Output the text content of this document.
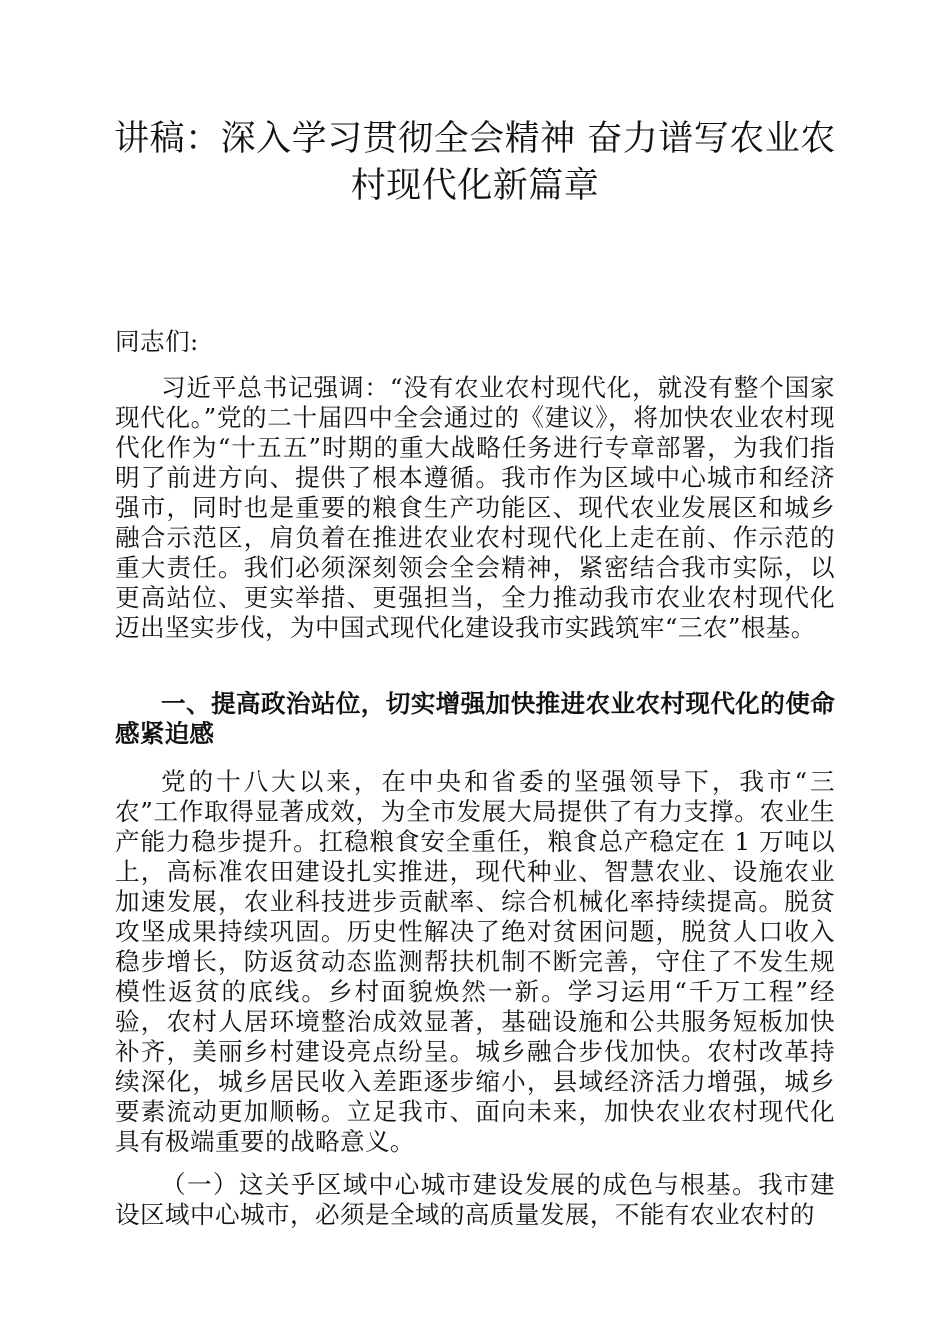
讲稿：深入学习贯彻全会精神 奋力谱写农业农村现代化新篇章

同志们:

习近平总书记强调：“没有农业农村现代化，就没有整个国家现代化。”党的二十届四中全会通过的《建议》，将加快农业农村现代化作为“十五五”时期的重大战略任务进行专章部署，为我们指明了前进方向、提供了根本遵循。我市作为区域中心城市和经济强市，同时也是重要的粮食生产功能区、现代农业发展区和城乡融合示范区，肩负着在推进农业农村现代化上走在前、作示范的重大责任。我们必须深刻领会全会精神，紧密结合我市实际，以更高站位、更实举措、更强担当，全力推动我市农业农村现代化迈出坚实步伐，为中国式现代化建设我市实践筑牢“三农”根基。

一、提高政治站位，切实增强加快推进农业农村现代化的使命感紧迫感

党的十八大以来，在中央和省委的坚强领导下，我市“三农”工作取得显著成效，为全市发展大局提供了有力支撑。农业生产能力稳步提升。扛稳粮食安全重任，粮食总产稳定在 1 万吨以上，高标准农田建设扎实推进，现代种业、智慧农业、设施农业加速发展，农业科技进步贡献率、综合机械化率持续提高。脱贫攻坚成果持续巩固。历史性解决了绝对贫困问题，脱贫人口收入稳步增长，防返贫动态监测帮扶机制不断完善，守住了不发生规模性返贫的底线。乡村面貌焕然一新。学习运用“千万工程”经验，农村人居环境整治成效显著，基础设施和公共服务短板加快补齐，美丽乡村建设亮点纷呈。城乡融合步伐加快。农村改革持续深化，城乡居民收入差距逐步缩小，县域经济活力增强，城乡要素流动更加顺畅。立足我市、面向未来，加快农业农村现代化具有极端重要的战略意义。

（一）这关乎区域中心城市建设发展的成色与根基。我市建设区域中心城市，必须是全域的高质量发展，不能有农业农村的
